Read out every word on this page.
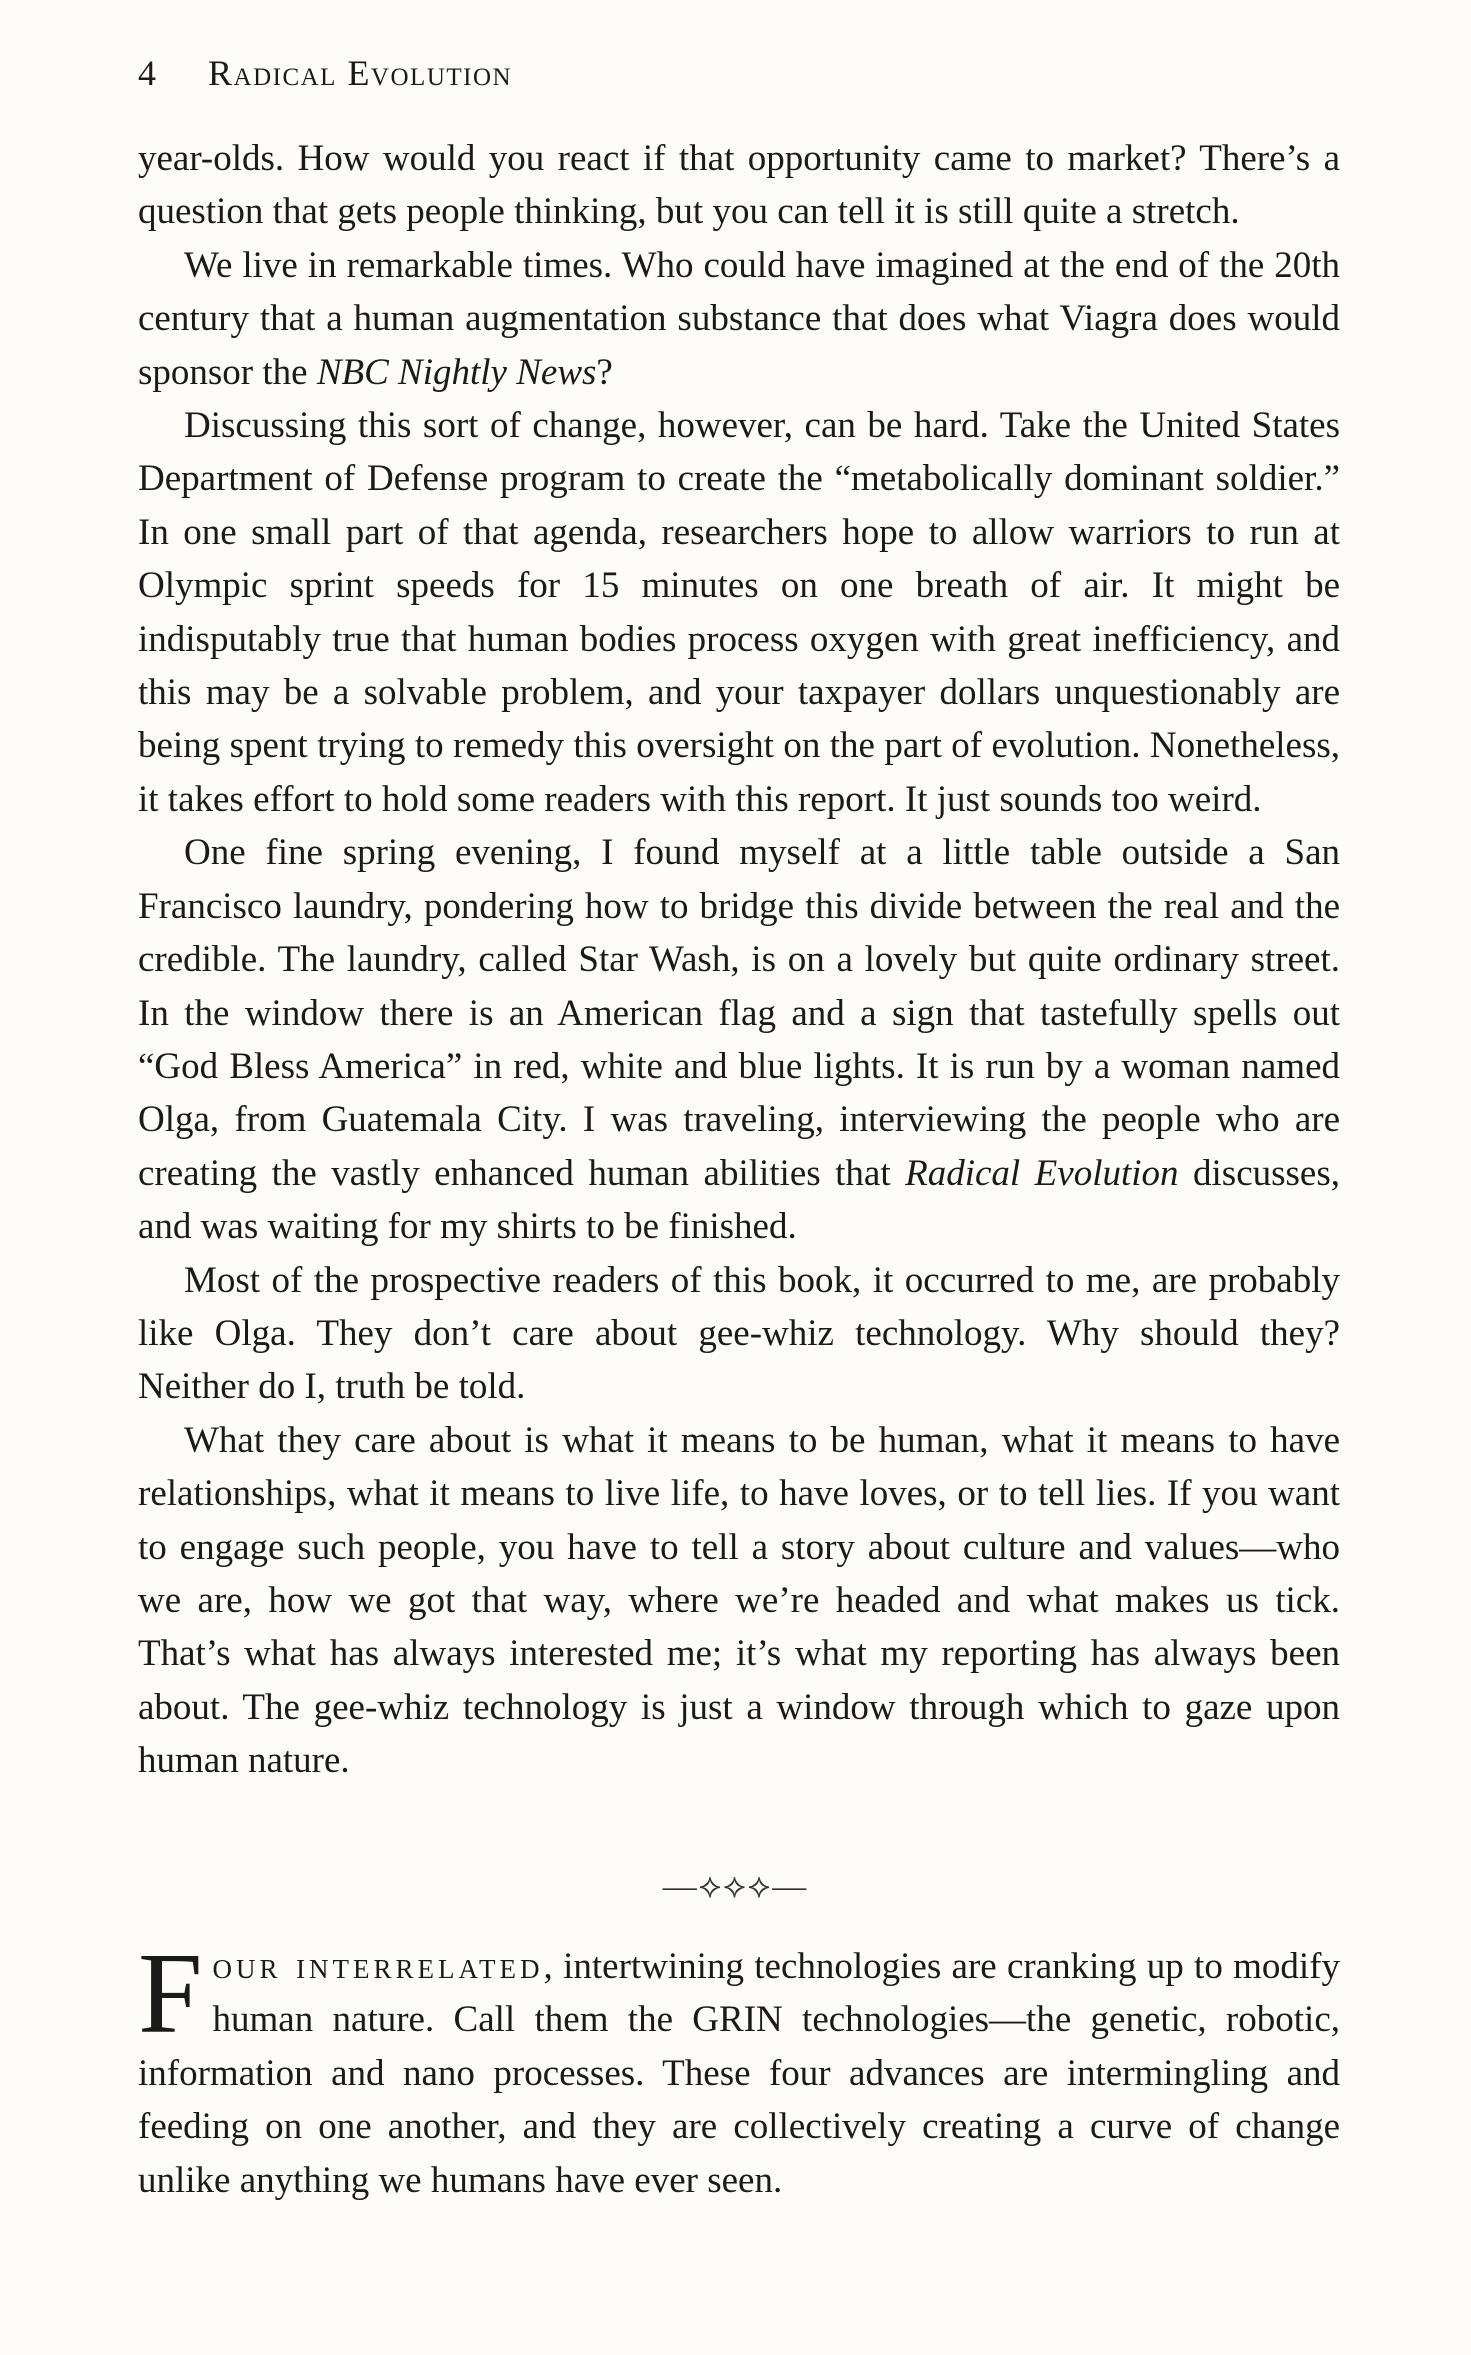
4 Radical Evolution

year-olds. How would you react if that opportunity came to market? There’s a question that gets people thinking, but you can tell it is still quite a stretch.

We live in remarkable times. Who could have imagined at the end of the 20th century that a human augmentation substance that does what Viagra does would sponsor the NBC Nightly News?

Discussing this sort of change, however, can be hard. Take the United States Department of Defense program to create the “metabolically dominant soldier.” In one small part of that agenda, researchers hope to allow warriors to run at Olympic sprint speeds for 15 minutes on one breath of air. It might be indisputably true that human bodies process oxygen with great inefficiency, and this may be a solvable problem, and your taxpayer dollars unquestionably are being spent trying to remedy this oversight on the part of evolution. Nonetheless, it takes effort to hold some readers with this report. It just sounds too weird.

One fine spring evening, I found myself at a little table outside a San Francisco laundry, pondering how to bridge this divide between the real and the credible. The laundry, called Star Wash, is on a lovely but quite ordinary street. In the window there is an American flag and a sign that tastefully spells out “God Bless America” in red, white and blue lights. It is run by a woman named Olga, from Guatemala City. I was traveling, interviewing the people who are creating the vastly enhanced human abilities that Radical Evolution discusses, and was waiting for my shirts to be finished.

Most of the prospective readers of this book, it occurred to me, are probably like Olga. They don’t care about gee-whiz technology. Why should they? Neither do I, truth be told.

What they care about is what it means to be human, what it means to have relationships, what it means to live life, to have loves, or to tell lies. If you want to engage such people, you have to tell a story about culture and values—who we are, how we got that way, where we’re headed and what makes us tick. That’s what has always interested me; it’s what my reporting has always been about. The gee-whiz technology is just a window through which to gaze upon human nature.

—⟡⟡⟡—

Four interrelated, intertwining technologies are cranking up to modify human nature. Call them the GRIN technologies—the genetic, robotic, information and nano processes. These four advances are intermingling and feeding on one another, and they are collectively creating a curve of change unlike anything we humans have ever seen.
